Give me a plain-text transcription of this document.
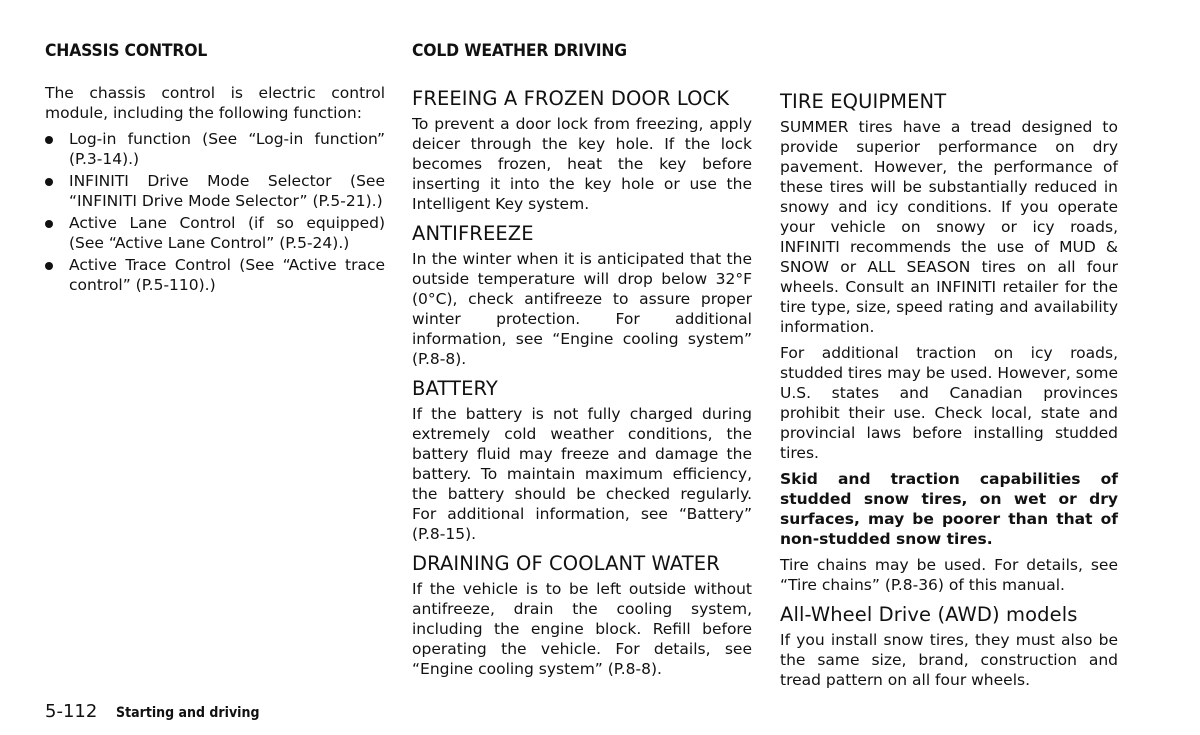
CHASSIS CONTROL

The chassis control is electric control module, including the following function:

Log-in function (See “Log-in function” (P.3-14).)
INFINITI Drive Mode Selector (See “INFINITI Drive Mode Selector” (P.5-21).)
Active Lane Control (if so equipped) (See “Active Lane Control” (P.5-24).)
Active Trace Control (See “Active trace control” (P.5-110).)
COLD WEATHER DRIVING
FREEING A FROZEN DOOR LOCK

To prevent a door lock from freezing, apply deicer through the key hole. If the lock becomes frozen, heat the key before inserting it into the key hole or use the Intelligent Key system.

ANTIFREEZE

In the winter when it is anticipated that the outside temperature will drop below 32°F (0°C), check antifreeze to assure proper winter protection. For additional information, see “Engine cooling system” (P.8-8).

BATTERY

If the battery is not fully charged during extremely cold weather conditions, the battery fluid may freeze and damage the battery. To maintain maximum efficiency, the battery should be checked regularly. For additional information, see “Battery” (P.8-15).

DRAINING OF COOLANT WATER

If the vehicle is to be left outside without antifreeze, drain the cooling system, including the engine block. Refill before operating the vehicle. For details, see “Engine cooling system” (P.8-8).

TIRE EQUIPMENT

SUMMER tires have a tread designed to provide superior performance on dry pavement. However, the performance of these tires will be substantially reduced in snowy and icy conditions. If you operate your vehicle on snowy or icy roads, INFINITI recommends the use of MUD & SNOW or ALL SEASON tires on all four wheels. Consult an INFINITI retailer for the tire type, size, speed rating and availability information.

For additional traction on icy roads, studded tires may be used. However, some U.S. states and Canadian provinces prohibit their use. Check local, state and provincial laws before installing studded tires.

Skid and traction capabilities of studded snow tires, on wet or dry surfaces, may be poorer than that of non-studded snow tires.

Tire chains may be used. For details, see “Tire chains” (P.8-36) of this manual.

All-Wheel Drive (AWD) models

If you install snow tires, they must also be the same size, brand, construction and tread pattern on all four wheels.

5-112 Starting and driving
